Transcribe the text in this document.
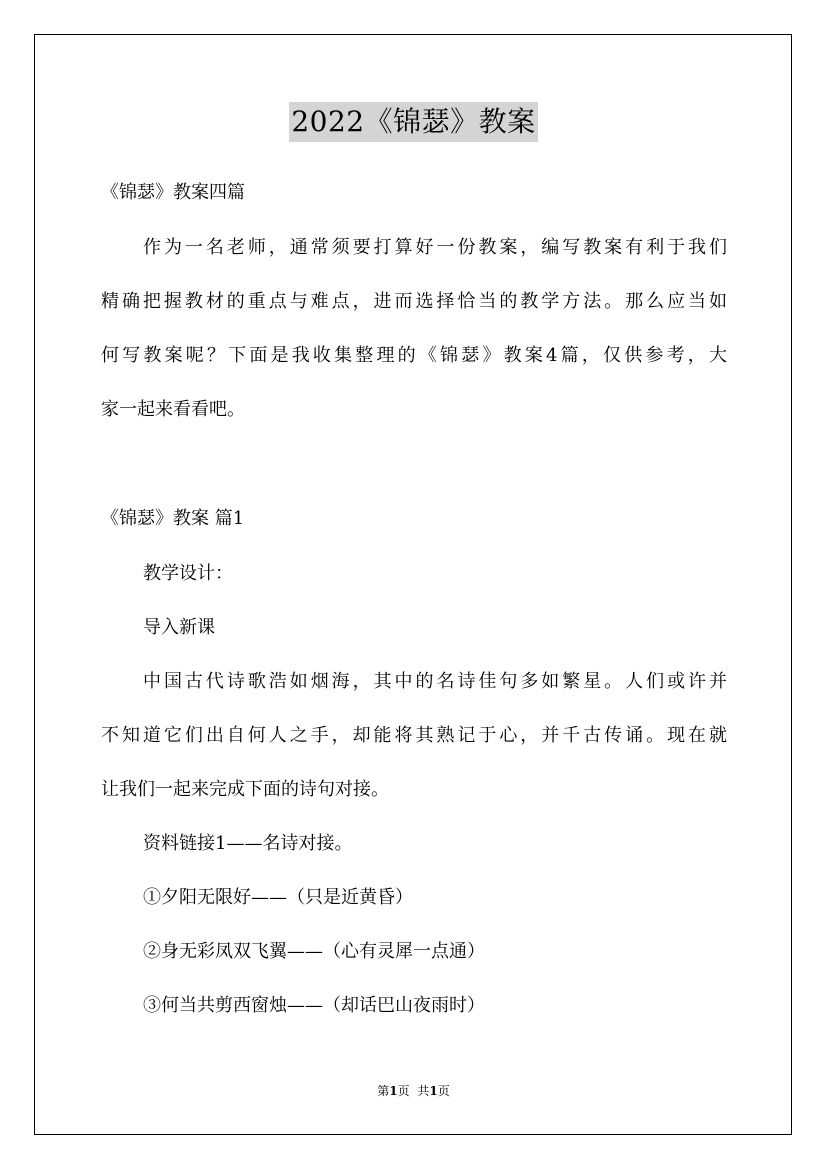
2022《锦瑟》教案
《锦瑟》教案四篇
作为一名老师，通常须要打算好一份教案，编写教案有利于我们
精确把握教材的重点与难点，进而选择恰当的教学方法。那么应当如
何写教案呢？下面是我收集整理的《锦瑟》教案4篇，仅供参考，大
家一起来看看吧。
《锦瑟》教案 篇1
教学设计：
导入新课
中国古代诗歌浩如烟海，其中的名诗佳句多如繁星。人们或许并
不知道它们出自何人之手，却能将其熟记于心，并千古传诵。现在就
让我们一起来完成下面的诗句对接。
资料链接1——名诗对接。
①夕阳无限好——（只是近黄昏）
②身无彩凤双飞翼——（心有灵犀一点通）
③何当共剪西窗烛——（却话巴山夜雨时）
第1页 共1页
